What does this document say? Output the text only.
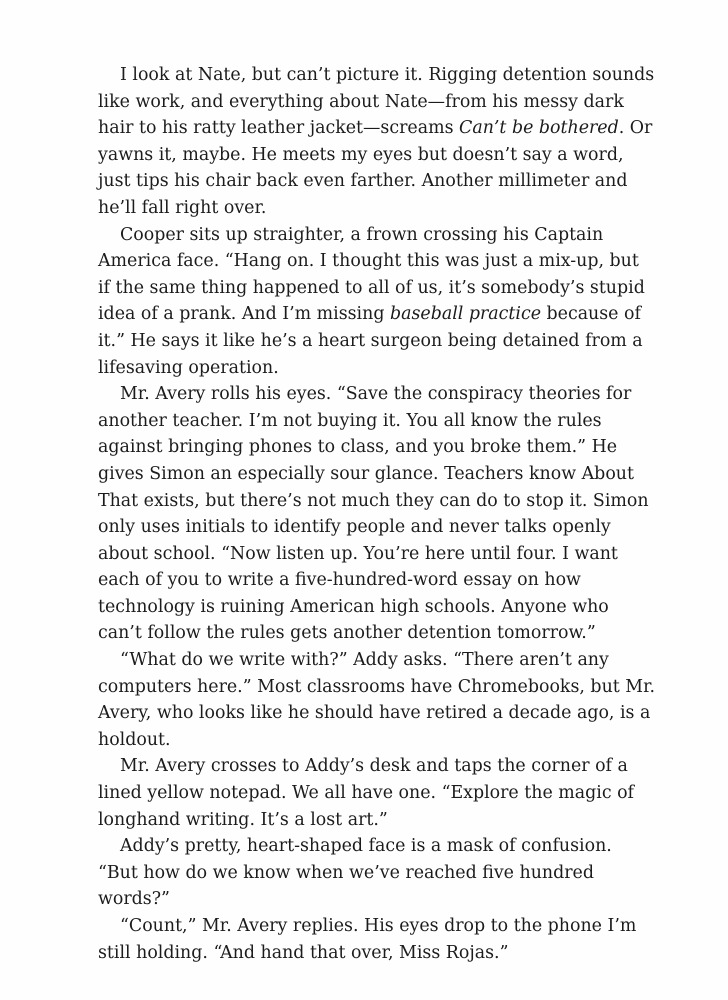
I look at Nate, but can’t picture it. Rigging detention sounds like work, and everything about Nate—from his messy dark hair to his ratty leather jacket—screams Can’t be bothered. Or yawns it, maybe. He meets my eyes but doesn’t say a word, just tips his chair back even farther. Another millimeter and he’ll fall right over.

Cooper sits up straighter, a frown crossing his Captain America face. “Hang on. I thought this was just a mix-up, but if the same thing happened to all of us, it’s somebody’s stupid idea of a prank. And I’m missing baseball practice because of it.” He says it like he’s a heart surgeon being detained from a lifesaving operation.

Mr. Avery rolls his eyes. “Save the conspiracy theories for another teacher. I’m not buying it. You all know the rules against bringing phones to class, and you broke them.” He gives Simon an especially sour glance. Teachers know About That exists, but there’s not much they can do to stop it. Simon only uses initials to identify people and never talks openly about school. “Now listen up. You’re here until four. I want each of you to write a five-hundred-word essay on how technology is ruining American high schools. Anyone who can’t follow the rules gets another detention tomorrow.”

“What do we write with?” Addy asks. “There aren’t any computers here.” Most classrooms have Chromebooks, but Mr. Avery, who looks like he should have retired a decade ago, is a holdout.

Mr. Avery crosses to Addy’s desk and taps the corner of a lined yellow notepad. We all have one. “Explore the magic of longhand writing. It’s a lost art.”

Addy’s pretty, heart-shaped face is a mask of confusion. “But how do we know when we’ve reached five hundred words?”

“Count,” Mr. Avery replies. His eyes drop to the phone I’m still holding. “And hand that over, Miss Rojas.”
